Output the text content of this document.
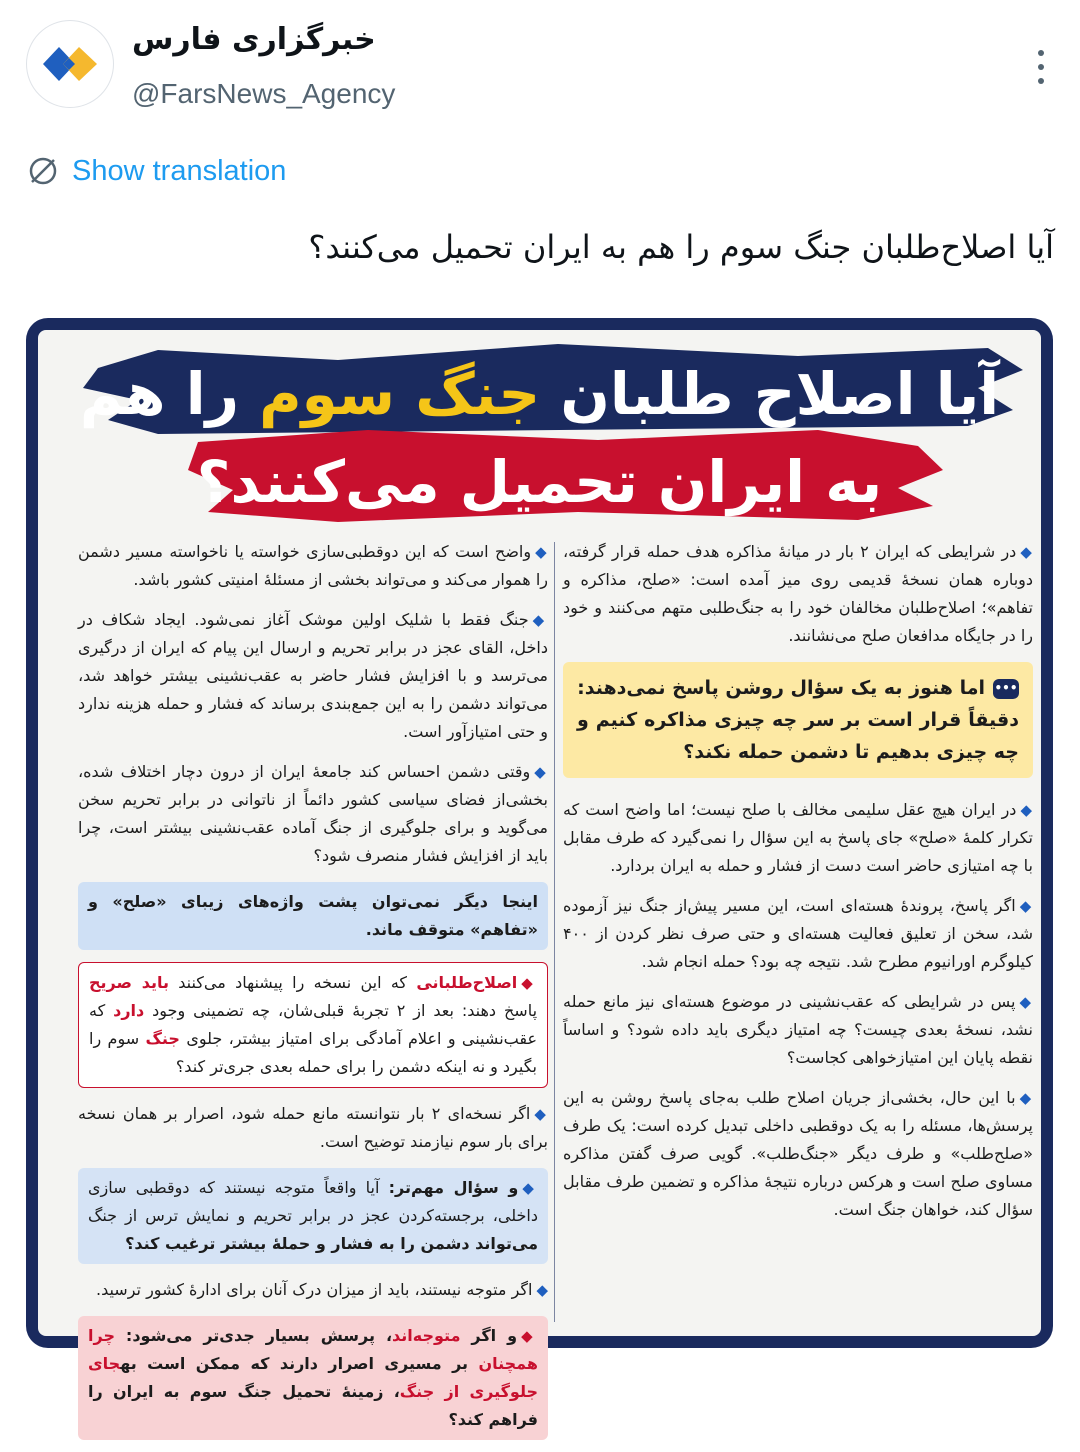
خبرگزاری فارس
@FarsNews_Agency
Show translation
آیا اصلاح‌طلبان جنگ سوم را هم به ایران تحمیل می‌کنند؟
آیا اصلاح طلبان جنگ سوم را هم
به ایران تحمیل می‌کنند؟

◆در شرایطی که ایران ۲ بار در میانهٔ مذاکره هدف حمله قرار گرفته، دوباره همان نسخهٔ قدیمی روی میز آمده است: «صلح، مذاکره و تفاهم»؛ اصلاح‌طلبان مخالفان خود را به جنگ‌طلبی متهم می‌کنند و خود را در جایگاه مدافعان صلح می‌نشانند.

•••اما هنوز به یک سؤال روشن پاسخ نمی‌دهند:
دقیقاً قرار است بر سر چه چیزی مذاکره کنیم و چه چیزی بدهیم تا دشمن حمله نکند؟

◆در ایران هیچ عقل سلیمی مخالف با صلح نیست؛ اما واضح است که تکرار کلمهٔ «صلح» جای پاسخ به این سؤال را نمی‌گیرد که طرف مقابل با چه امتیازی حاضر است دست از فشار و حمله به ایران بردارد.

◆اگر پاسخ، پروندهٔ هسته‌ای است، این مسیر پیش‌از جنگ نیز آزموده شد، سخن از تعلیق فعالیت هسته‌ای و حتی صرف نظر کردن از ۴۰۰ کیلوگرم اورانیوم مطرح شد. نتیجه چه بود؟ حمله انجام شد.

◆پس در شرایطی که عقب‌نشینی در موضوع هسته‌ای نیز مانع حمله نشد، نسخهٔ بعدی چیست؟ چه امتیاز دیگری باید داده شود؟ و اساساً نقطه پایان این امتیازخواهی کجاست؟

◆با این حال، بخشی‌از جریان اصلاح طلب به‌جای پاسخ روشن به این پرسش‌ها، مسئله را به یک دوقطبی داخلی تبدیل کرده است: یک طرف «صلح‌طلب» و طرف دیگر «جنگ‌طلب». گویی صرف گفتن مذاکره مساوی صلح است و هرکس درباره نتیجهٔ مذاکره و تضمین طرف مقابل سؤال کند، خواهان جنگ است.

◆واضح است که این دوقطبی‌سازی خواسته یا ناخواسته مسیر دشمن را هموار می‌کند و می‌تواند بخشی از مسئلهٔ امنیتی کشور باشد.

◆جنگ فقط با شلیک اولین موشک آغاز نمی‌شود. ایجاد شکاف در داخل، القای عجز در برابر تحریم و ارسال این پیام که ایران از درگیری می‌ترسد و با افزایش فشار حاضر به عقب‌نشینی بیشتر خواهد شد، می‌تواند دشمن را به این جمع‌بندی برساند که فشار و حمله هزینه ندارد و حتی امتیازآور است.

◆وقتی دشمن احساس کند جامعهٔ ایران از درون دچار اختلاف شده، بخشی‌از فضای سیاسی کشور دائماً از ناتوانی در برابر تحریم سخن می‌گوید و برای جلوگیری از جنگ آماده عقب‌نشینی بیشتر است، چرا باید از افزایش فشار منصرف شود؟

اینجا دیگر نمی‌توان پشت واژه‌های زیبای «صلح» و «تفاهم» متوقف ماند.
◆اصلاح‌طلبانی که این نسخه را پیشنهاد می‌کنند باید صریح پاسخ دهند: بعد از ۲ تجربهٔ قبلی‌شان، چه تضمینی وجود دارد که عقب‌نشینی و اعلام آمادگی برای امتیاز بیشتر، جلوی جنگ سوم را بگیرد و نه اینکه دشمن را برای حمله بعدی جری‌تر کند؟

◆اگر نسخه‌ای ۲ بار نتوانسته مانع حمله شود، اصرار بر همان نسخه برای بار سوم نیازمند توضیح است.

◆و سؤال مهم‌تر: آیا واقعاً متوجه نیستند که دوقطبی سازی داخلی، برجسته‌کردن عجز در برابر تحریم و نمایش ترس از جنگ می‌تواند دشمن را به فشار و حملهٔ بیشتر ترغیب کند؟

◆اگر متوجه نیستند، باید از میزان درک آنان برای ادارهٔ کشور ترسید.

◆و اگر متوجه‌اند، پرسش بسیار جدی‌تر می‌شود: چرا همچنان بر مسیری اصرار دارند که ممکن است بهجای جلوگیری از جنگ، زمینهٔ تحمیل جنگ سوم به ایران را فراهم کند؟
